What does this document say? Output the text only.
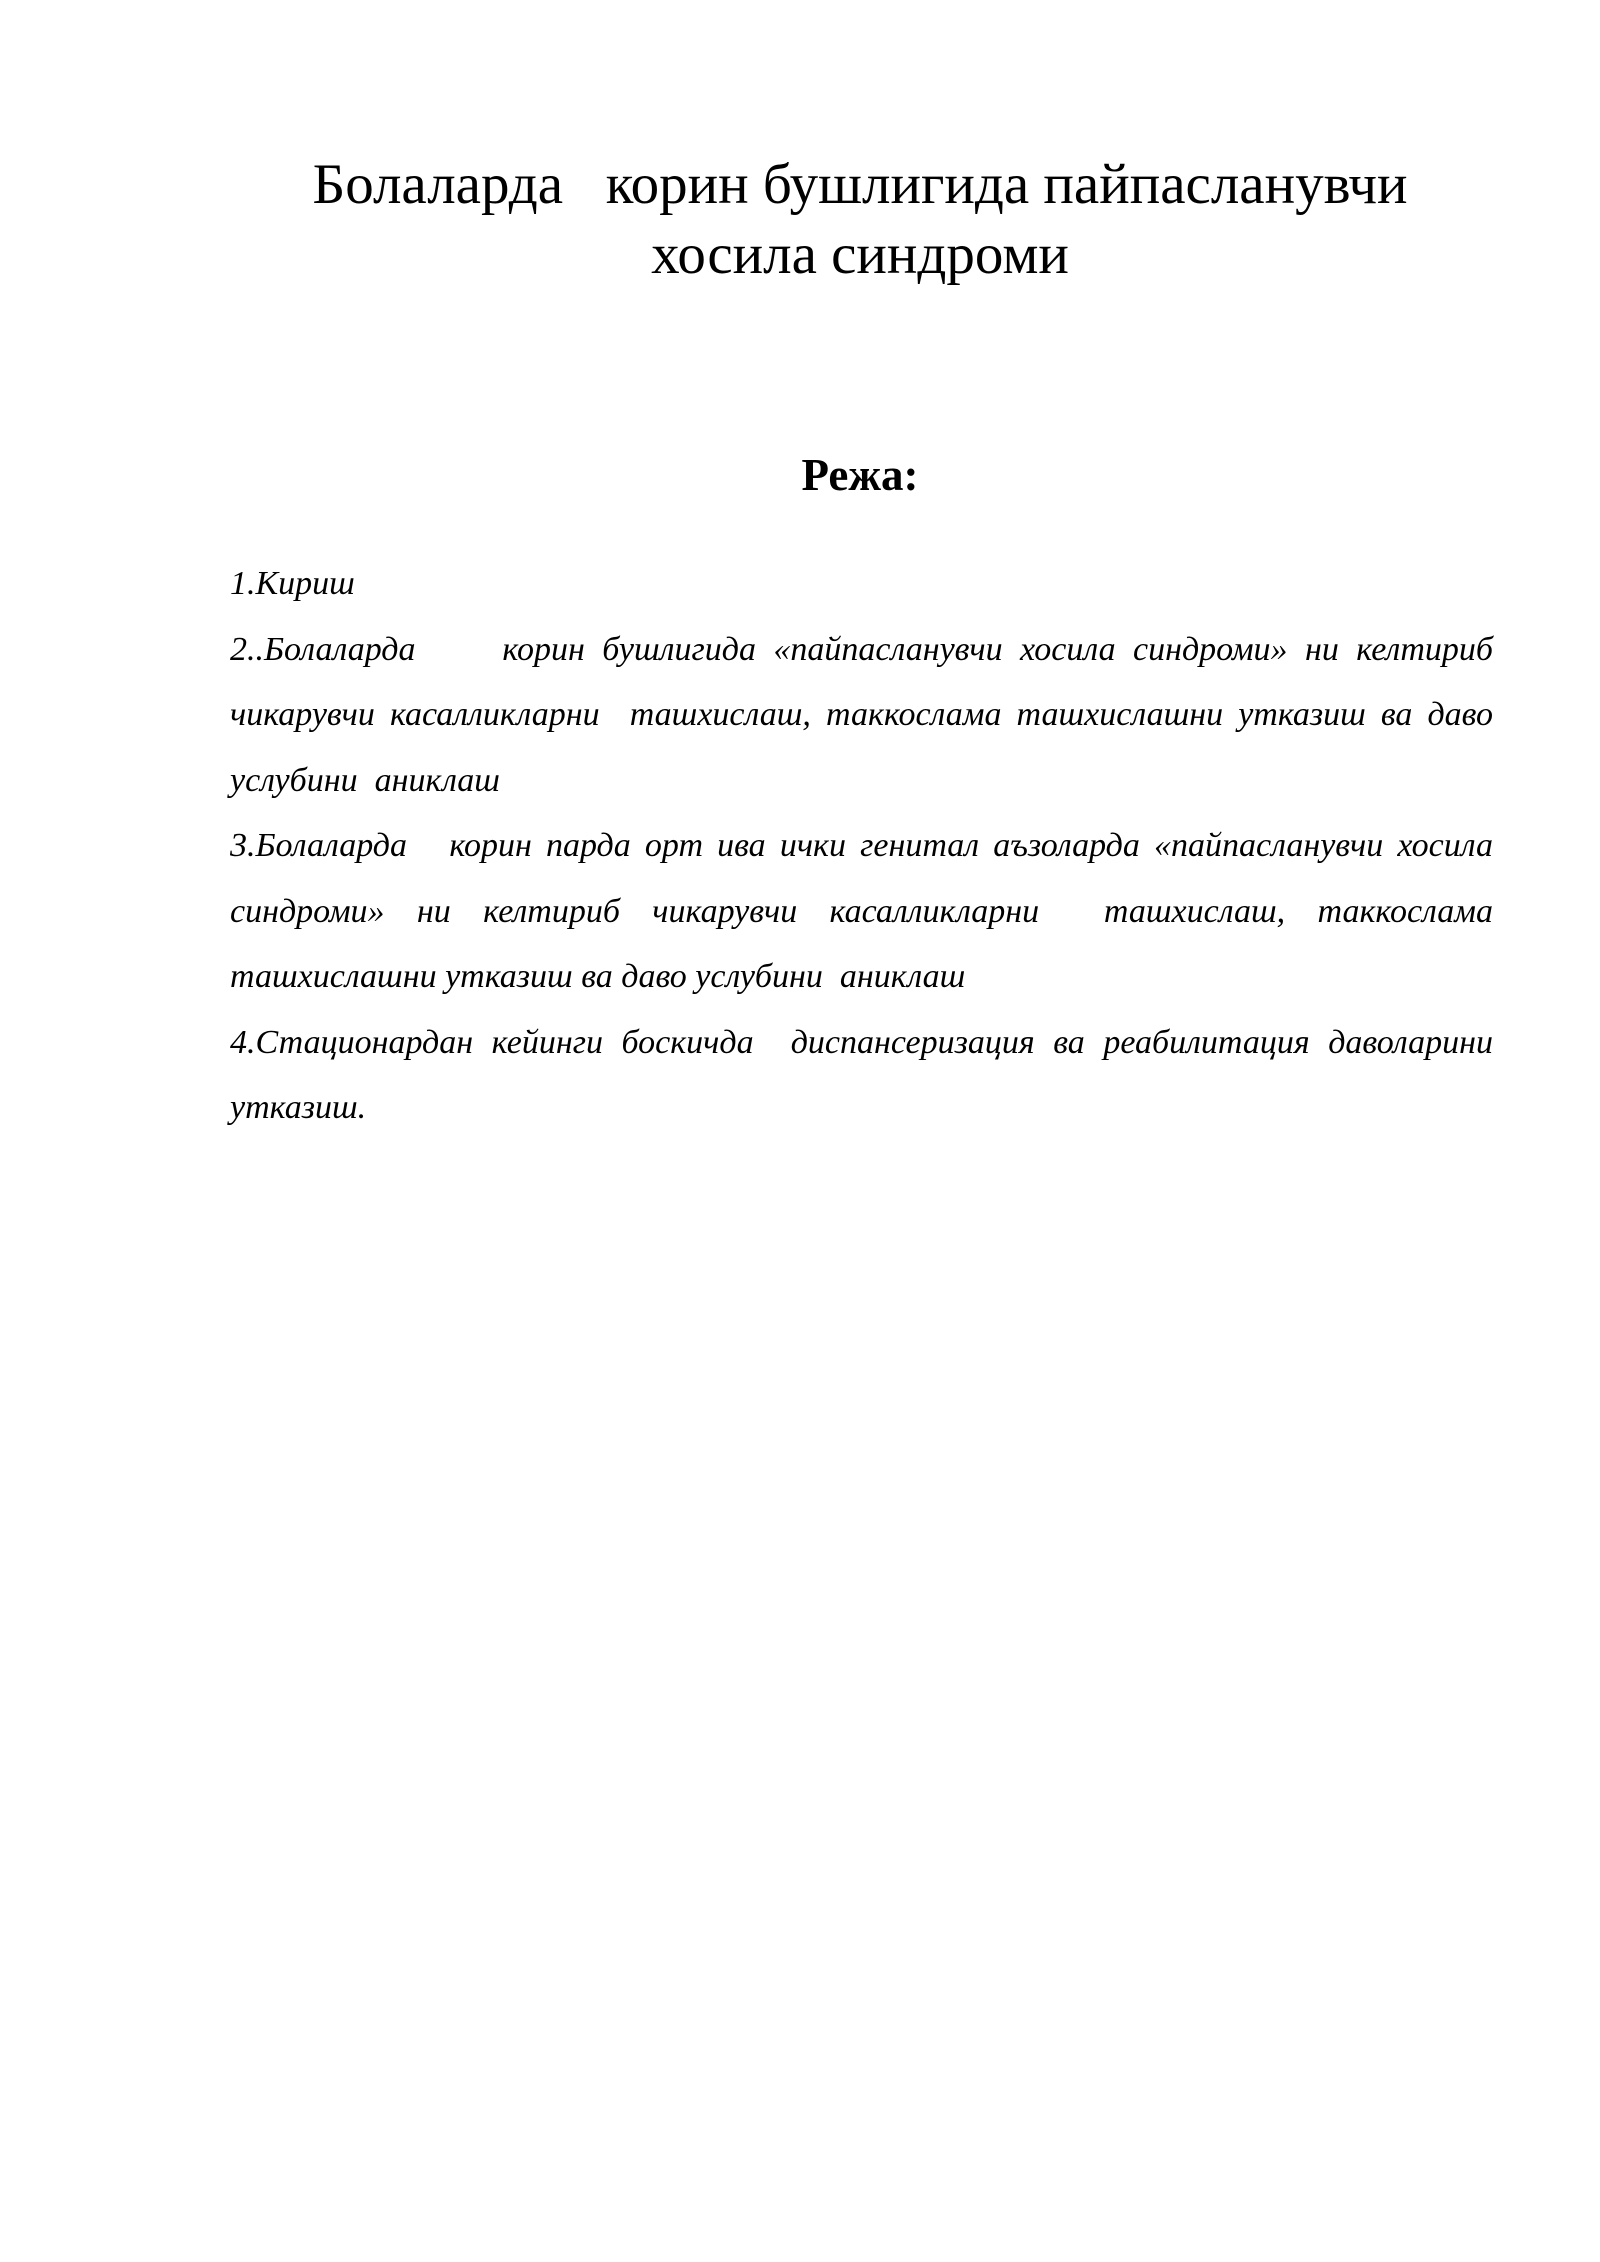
Болаларда   корин бушлигида пайпасланувчи
хосила синдроми
Режа:
1.Кириш
2..Болаларда     корин бушлигида «пайпасланувчи хосила синдроми» ни келтириб чикарувчи касалликларни  ташхислаш, таккослама ташхислашни утказиш ва даво услубини  аниклаш
3.Болаларда   корин парда орт ива ички генитал аъзоларда «пайпасланувчи хосила синдроми» ни келтириб чикарувчи касалликларни  ташхислаш, таккослама ташхислашни утказиш ва даво услубини  аниклаш
4.Стационардан кейинги боскичда  диспансеризация ва реабилитация даволарини  утказиш.
